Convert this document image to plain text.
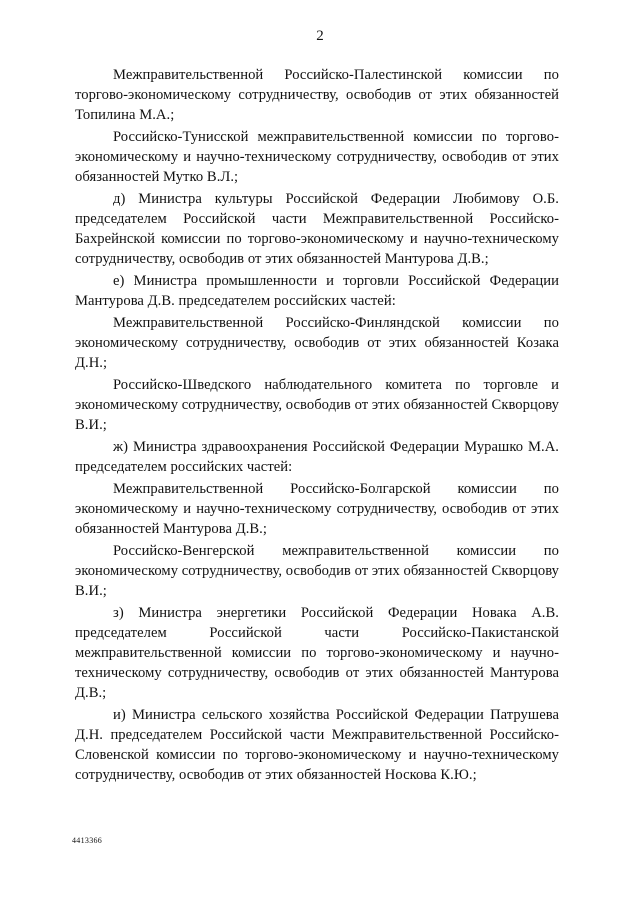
2

Межправительственной Российско-Палестинской комиссии по торгово-экономическому сотрудничеству, освободив от этих обязанностей Топилина М.А.;

Российско-Тунисской межправительственной комиссии по торгово-экономическому и научно-техническому сотрудничеству, освободив от этих обязанностей Мутко В.Л.;

д) Министра культуры Российской Федерации Любимову О.Б. председателем Российской части Межправительственной Российско-Бахрейнской комиссии по торгово-экономическому и научно-техническому сотрудничеству, освободив от этих обязанностей Мантурова Д.В.;

е) Министра промышленности и торговли Российской Федерации Мантурова Д.В. председателем российских частей:

Межправительственной Российско-Финляндской комиссии по экономическому сотрудничеству, освободив от этих обязанностей Козака Д.Н.;

Российско-Шведского наблюдательного комитета по торговле и экономическому сотрудничеству, освободив от этих обязанностей Скворцову В.И.;

ж) Министра здравоохранения Российской Федерации Мурашко М.А. председателем российских частей:

Межправительственной Российско-Болгарской комиссии по экономическому и научно-техническому сотрудничеству, освободив от этих обязанностей Мантурова Д.В.;

Российско-Венгерской межправительственной комиссии по экономическому сотрудничеству, освободив от этих обязанностей Скворцову В.И.;

з) Министра энергетики Российской Федерации Новака А.В. председателем Российской части Российско-Пакистанской межправительственной комиссии по торгово-экономическому и научно-техническому сотрудничеству, освободив от этих обязанностей Мантурова Д.В.;

и) Министра сельского хозяйства Российской Федерации Патрушева Д.Н. председателем Российской части Межправительственной Российско-Словенской комиссии по торгово-экономическому и научно-техническому сотрудничеству, освободив от этих обязанностей Носкова К.Ю.;

4413366
